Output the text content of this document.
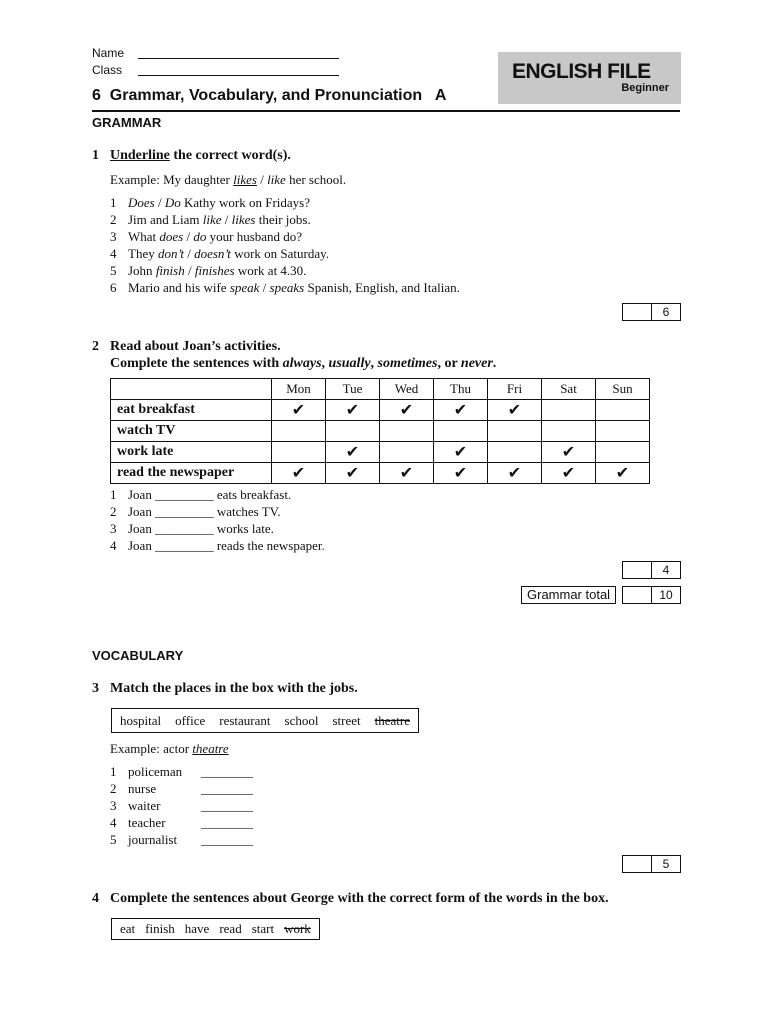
Name
Class	ENGLISH FILE
Beginner
6  Grammar, Vocabulary, and Pronunciation   A
GRAMMAR
1 Underline the correct word(s).
Example: My daughter likes / like her school.
1 Does / Do Kathy work on Fridays?
2 Jim and Liam like / likes their jobs.
3 What does / do your husband do?
4 They don’t / doesn’t work on Saturday.
5 John finish / finishes work at 4.30.
6 Mario and his wife speak / speaks Spanish, English, and Italian.
6
2 Read about Joan’s activities.
Complete the sentences with always, usually, sometimes, or never.
	Mon	Tue	Wed	Thu	Fri	Sat	Sun
eat breakfast	✔	✔	✔	✔	✔		
watch TV							
work late		✔		✔		✔	
read the newspaper	✔	✔	✔	✔	✔	✔	✔
1 Joan _________ eats breakfast.
2 Joan _________ watches TV.
3 Joan _________ works late.
4 Joan _________ reads the newspaper.
4
Grammar total	10
VOCABULARY
3 Match the places in the box with the jobs.
hospital office restaurant school street theatre
Example: actor theatre
1 policeman ________
2 nurse	________
3 waiter	________
4 teacher	________
5 journalist ________
5
4 Complete the sentences about George with the correct form of the words in the box.
eat finish have read start work
